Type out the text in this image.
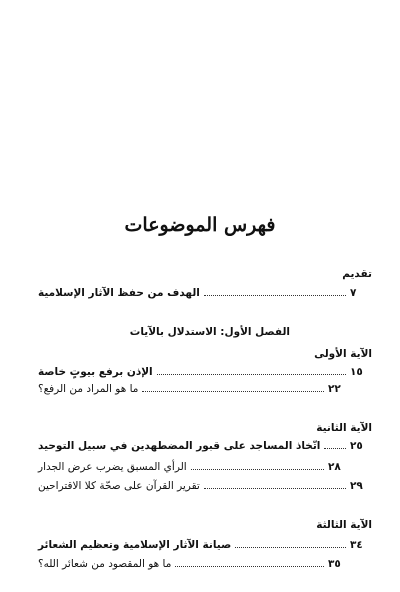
فهرس الموضوعات
تقديم
الهدف من حفظ الآثار الإسلامية	٧
الفصل الأول: الاستدلال بالآيات
الآية الأولى
الإذن برفع بيوتٍ خاصة	١٥
ما هو المراد من الرفع؟	٢٢
الآية الثانية
اتّخاذ المساجد على قبور المضطهدين في سبيل التوحيد	٢٥
الرأي المسبق يضرب عرض الجدار	٢٨
تقرير القرآن على صحّة كلا الاقتراحين	٢٩
الآية الثالثة
صيانة الآثار الإسلامية وتعظيم الشعائر	٣٤
ما هو المقصود من شعائر الله؟	٣٥
